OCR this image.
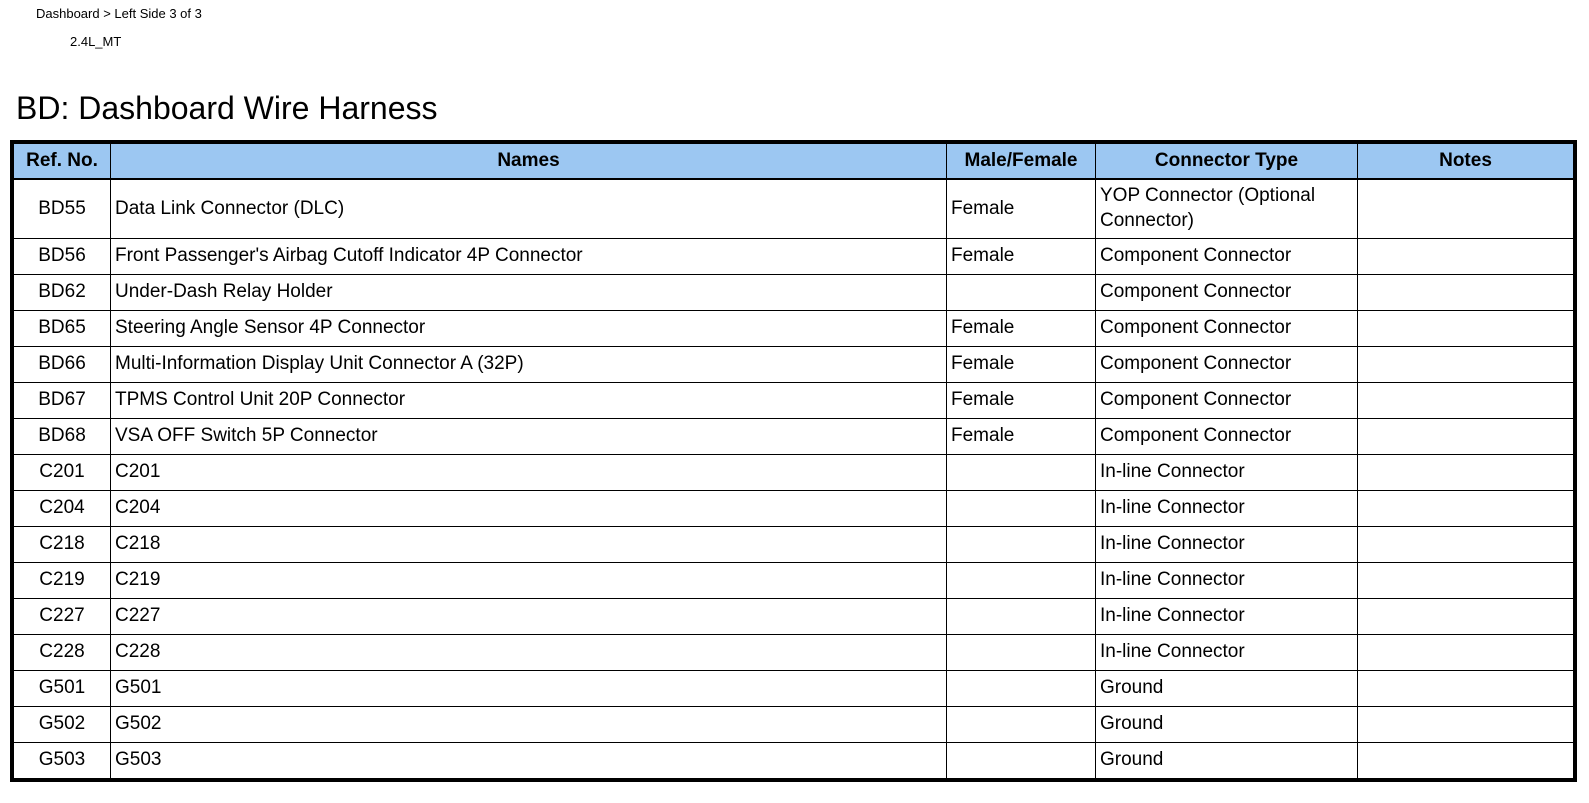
Dashboard > Left Side 3 of 3
2.4L_MT
BD: Dashboard Wire Harness
Ref. No.	Names	Male/Female	Connector Type	Notes
BD55	Data Link Connector (DLC)	Female	YOP Connector (Optional Connector)	
BD56	Front Passenger's Airbag Cutoff Indicator 4P Connector	Female	Component Connector	
BD62	Under-Dash Relay Holder		Component Connector	
BD65	Steering Angle Sensor 4P Connector	Female	Component Connector	
BD66	Multi-Information Display Unit Connector A (32P)	Female	Component Connector	
BD67	TPMS Control Unit 20P Connector	Female	Component Connector	
BD68	VSA OFF Switch 5P Connector	Female	Component Connector	
C201	C201		In-line Connector	
C204	C204		In-line Connector	
C218	C218		In-line Connector	
C219	C219		In-line Connector	
C227	C227		In-line Connector	
C228	C228		In-line Connector	
G501	G501		Ground	
G502	G502		Ground	
G503	G503		Ground	
